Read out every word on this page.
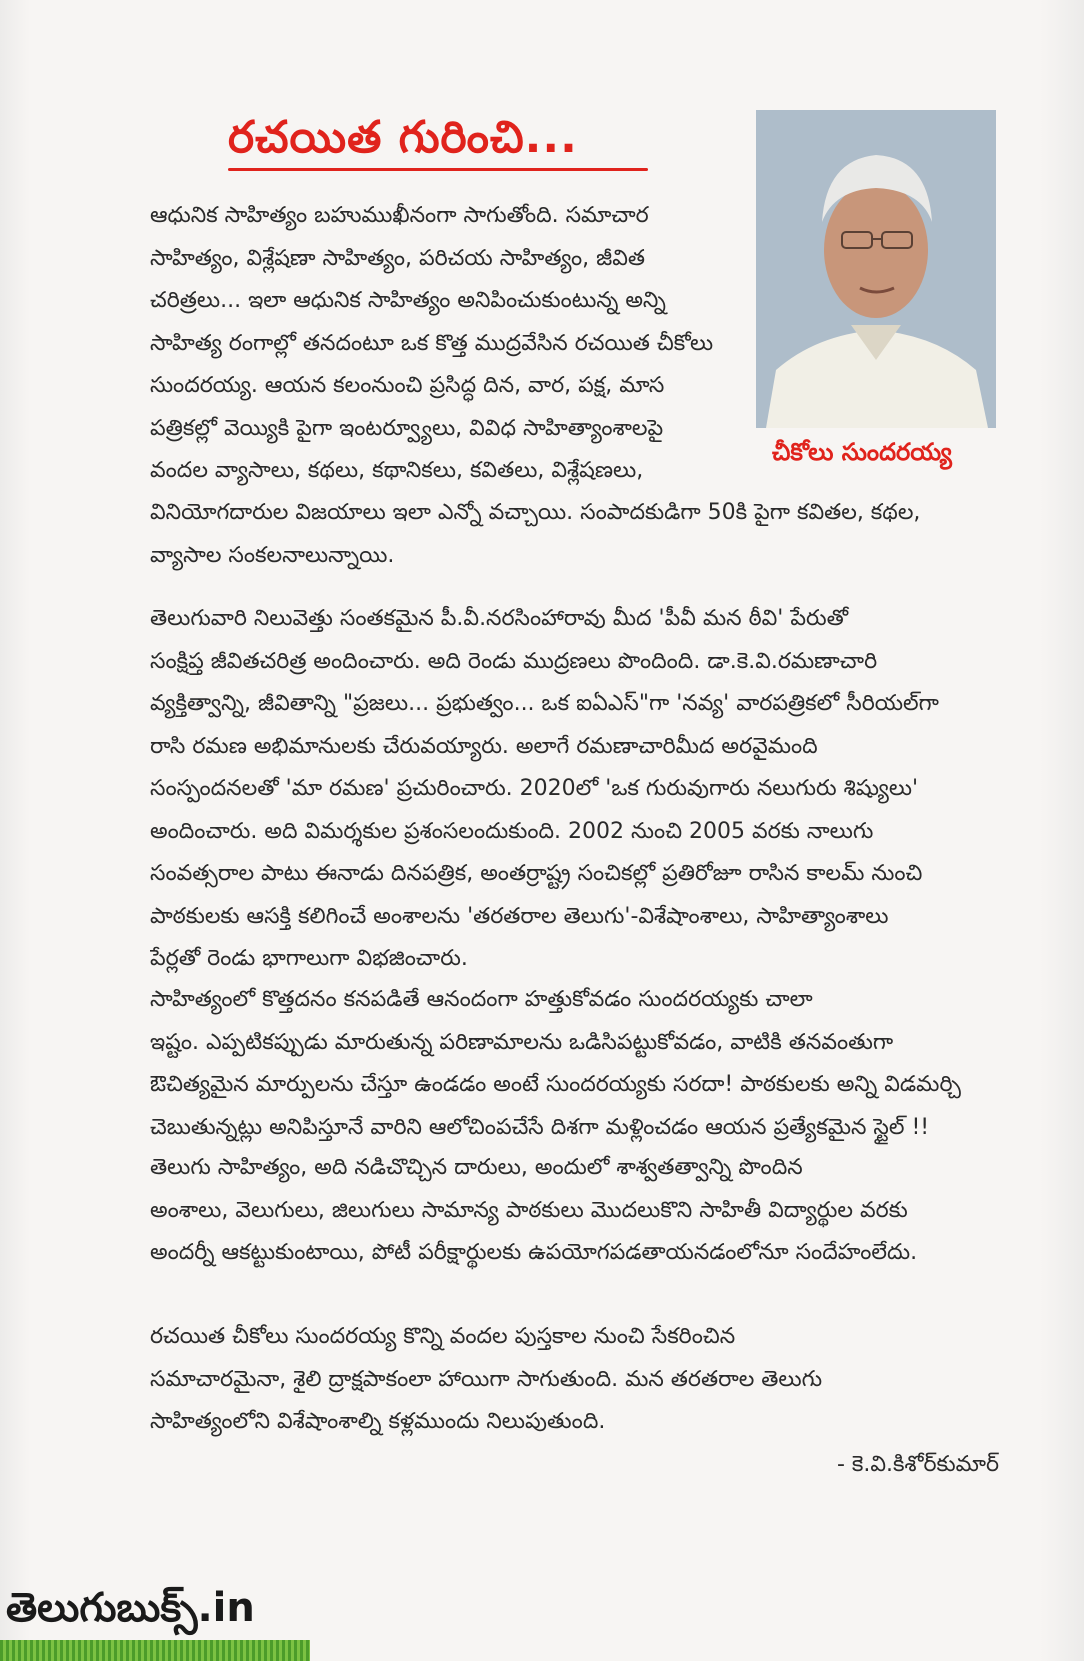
రచయిత గురించి...
చీకోలు సుందరయ్య
ఆధునిక సాహిత్యం బహుముఖీనంగా సాగుతోంది. సమాచార
సాహిత్యం, విశ్లేషణా సాహిత్యం, పరిచయ సాహిత్యం, జీవిత
చరిత్రలు... ఇలా ఆధునిక సాహిత్యం అనిపించుకుంటున్న అన్ని
సాహిత్య రంగాల్లో తనదంటూ ఒక కొత్త ముద్రవేసిన రచయిత చీకోలు
సుందరయ్య. ఆయన కలంనుంచి ప్రసిద్ధ దిన, వార, పక్ష, మాస
పత్రికల్లో వెయ్యికి పైగా ఇంటర్వ్యూలు, వివిధ సాహిత్యాంశాలపై
వందల వ్యాసాలు, కథలు, కథానికలు, కవితలు, విశ్లేషణలు,
వినియోగదారుల విజయాలు ఇలా ఎన్నో వచ్చాయి. సంపాదకుడిగా 50కి పైగా కవితల, కథల,
వ్యాసాల సంకలనాలున్నాయి.
తెలుగువారి నిలువెత్తు సంతకమైన పీ.వీ.నరసింహారావు మీద 'పీవీ మన ఠీవి' పేరుతో
సంక్షిప్త జీవితచరిత్ర అందించారు. అది రెండు ముద్రణలు పొందింది. డా.కె.వి.రమణాచారి
వ్యక్తిత్వాన్ని, జీవితాన్ని "ప్రజలు... ప్రభుత్వం... ఒక ఐఏఎస్"గా 'నవ్య' వారపత్రికలో సీరియల్‌గా
రాసి రమణ అభిమానులకు చేరువయ్యారు. అలాగే రమణాచారిమీద అరవైమంది
సంస్పందనలతో 'మా రమణ' ప్రచురించారు. 2020లో 'ఒక గురువుగారు నలుగురు శిష్యులు'
అందించారు. అది విమర్శకుల ప్రశంసలందుకుంది. 2002 నుంచి 2005 వరకు నాలుగు
సంవత్సరాల పాటు ఈనాడు దినపత్రిక, అంతర్రాష్ట్ర సంచికల్లో ప్రతిరోజూ రాసిన కాలమ్ నుంచి
పాఠకులకు ఆసక్తి కలిగించే అంశాలను 'తరతరాల తెలుగు'-విశేషాంశాలు, సాహిత్యాంశాలు
పేర్లతో రెండు భాగాలుగా విభజించారు.
సాహిత్యంలో కొత్తదనం కనపడితే ఆనందంగా హత్తుకోవడం సుందరయ్యకు చాలా
ఇష్టం. ఎప్పటికప్పుడు మారుతున్న పరిణామాలను ఒడిసిపట్టుకోవడం, వాటికి తనవంతుగా
ఔచిత్యమైన మార్పులను చేస్తూ ఉండడం అంటే సుందరయ్యకు సరదా! పాఠకులకు అన్ని విడమర్చి
చెబుతున్నట్లు అనిపిస్తూనే వారిని ఆలోచింపచేసే దిశగా మళ్లించడం ఆయన ప్రత్యేకమైన స్టైల్ !!
తెలుగు సాహిత్యం, అది నడిచొచ్చిన దారులు, అందులో శాశ్వతత్వాన్ని పొందిన
అంశాలు, వెలుగులు, జిలుగులు సామాన్య పాఠకులు మొదలుకొని సాహితీ విద్యార్థుల వరకు
అందర్నీ ఆకట్టుకుంటాయి, పోటీ పరీక్షార్థులకు ఉపయోగపడతాయనడంలోనూ సందేహంలేదు.
రచయిత చీకోలు సుందరయ్య కొన్ని వందల పుస్తకాల నుంచి సేకరించిన
సమాచారమైనా, శైలి ద్రాక్షపాకంలా హాయిగా సాగుతుంది. మన తరతరాల తెలుగు
సాహిత్యంలోని విశేషాంశాల్ని కళ్లముందు నిలుపుతుంది.
- కె.వి.కిశోర్‌కుమార్
తెలుగుబుక్స్.in
